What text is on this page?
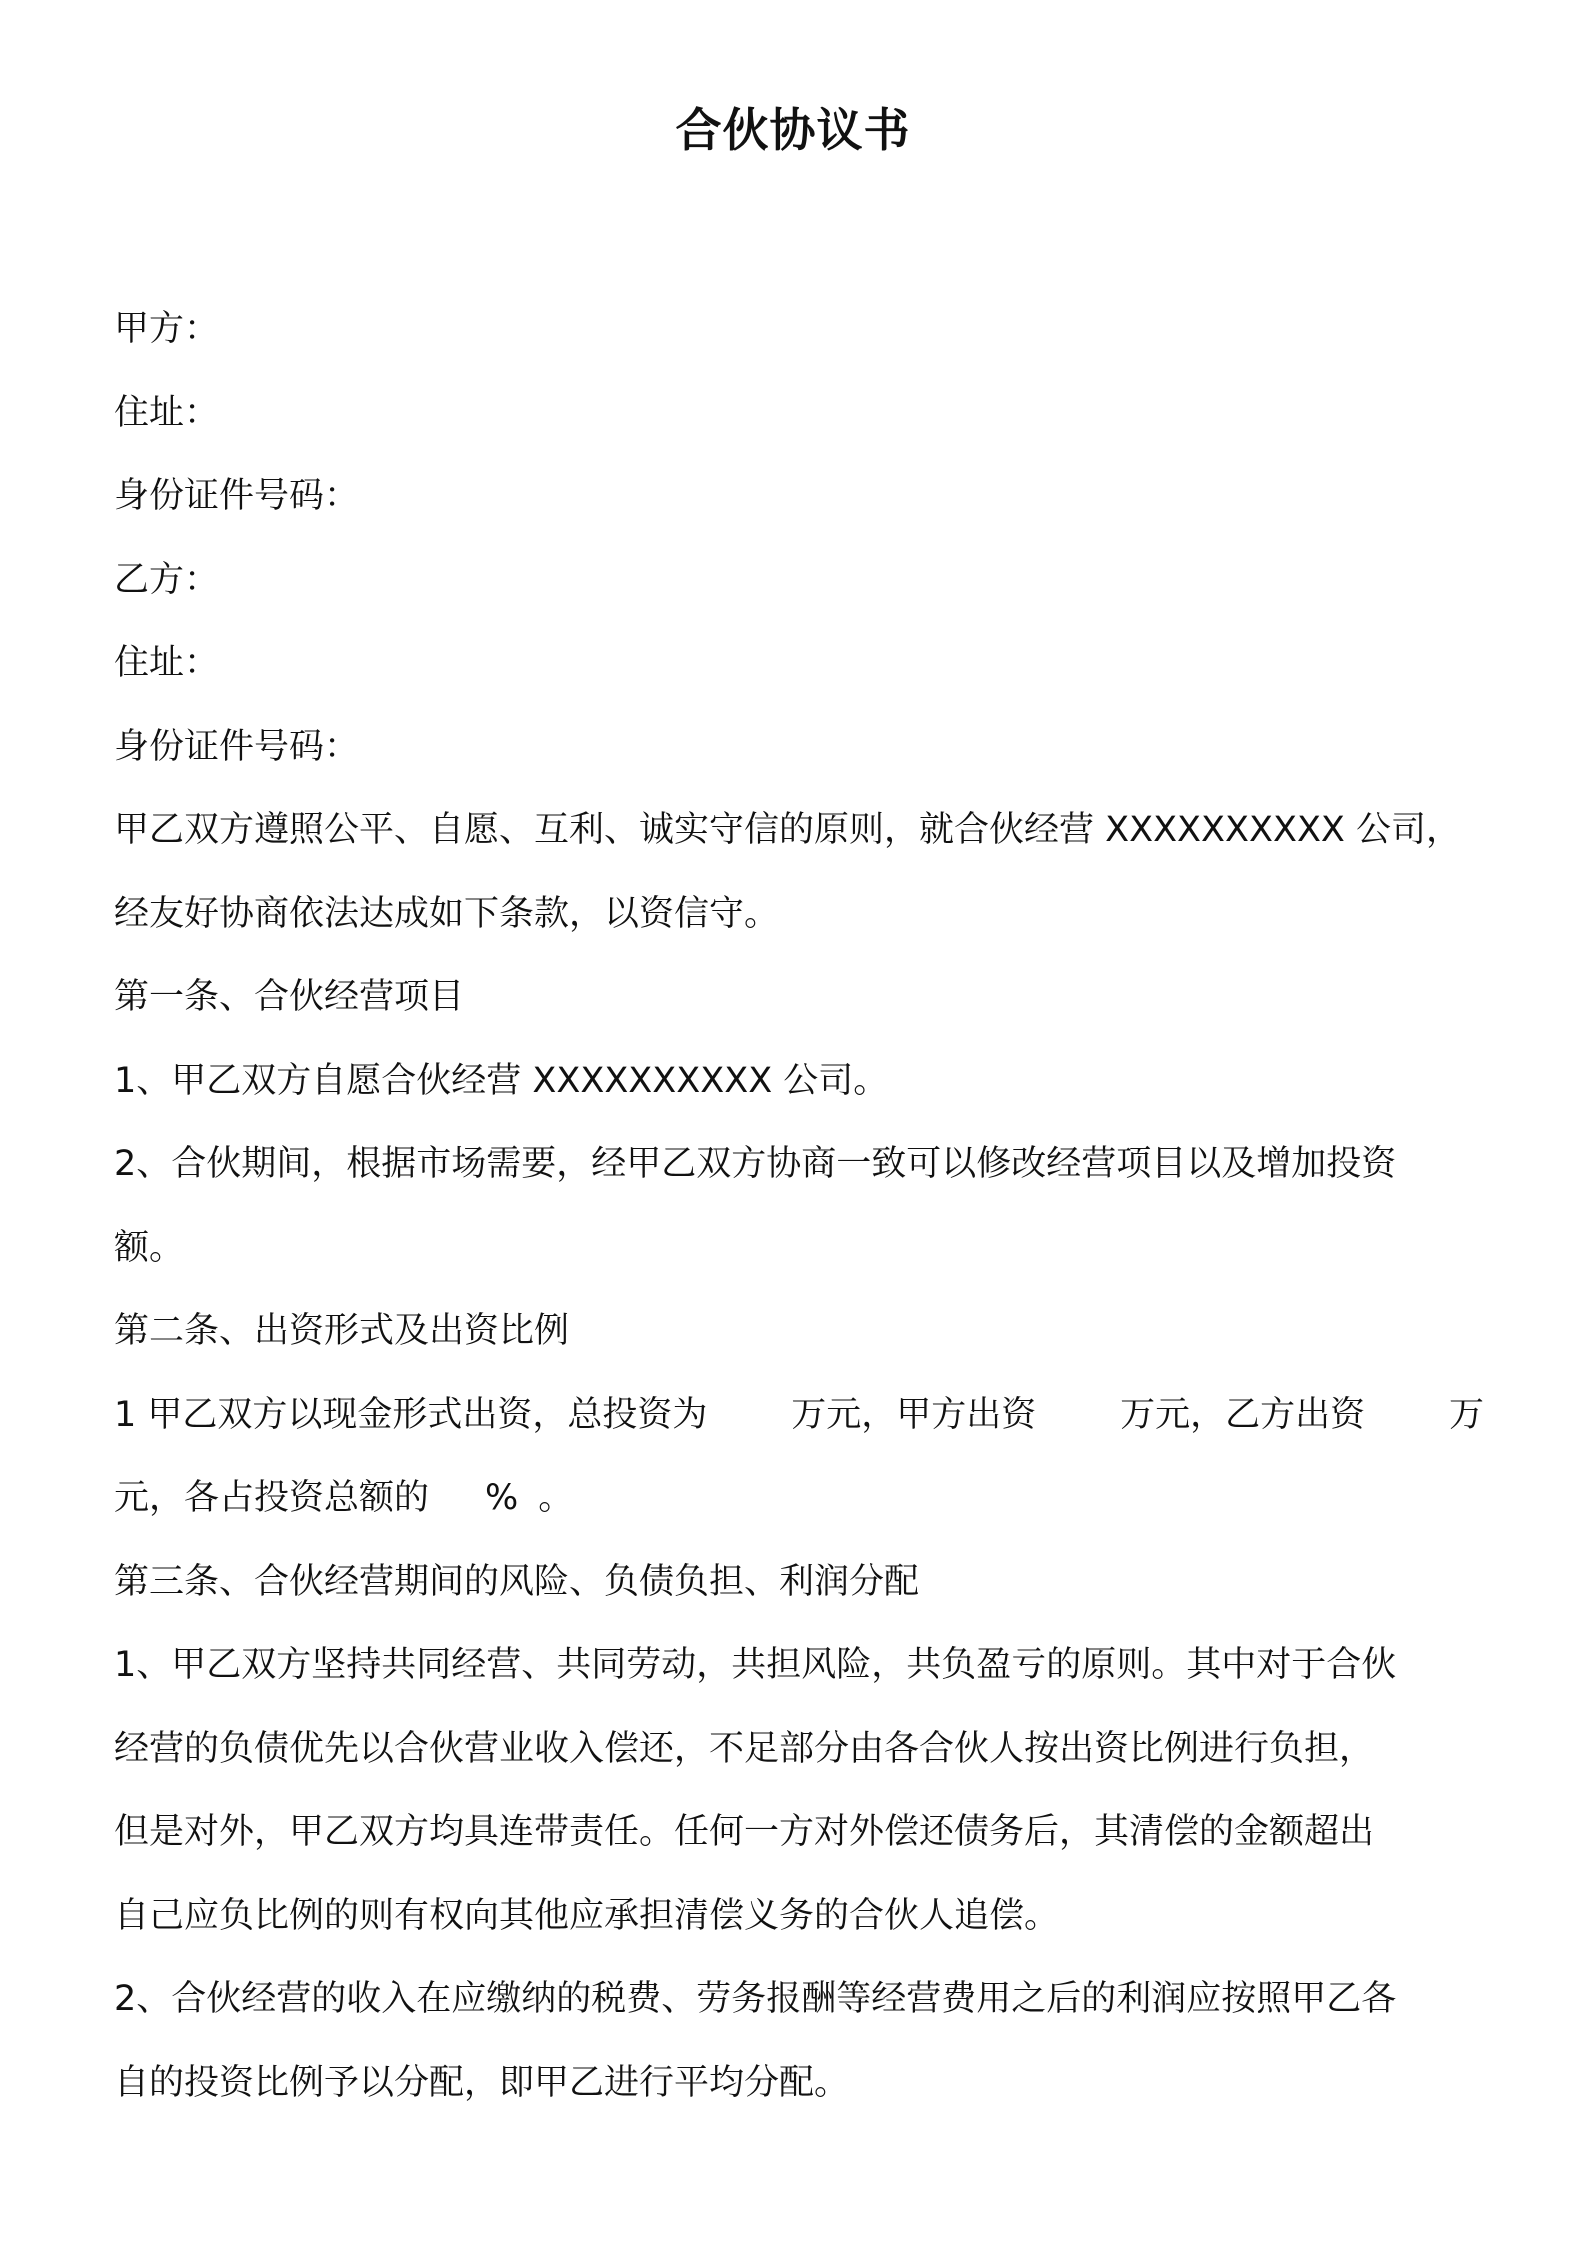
合伙协议书
甲方：
住址：
身份证件号码：
乙方：
住址：
身份证件号码：
甲乙双方遵照公平、自愿、互利、诚实守信的原则，就合伙经营 XXXXXXXXXX 公司，
经友好协商依法达成如下条款，以资信守。
第一条、合伙经营项目
1、甲乙双方自愿合伙经营 XXXXXXXXXX 公司。
2、合伙期间，根据市场需要，经甲乙双方协商一致可以修改经营项目以及增加投资
额。
第二条、出资形式及出资比例
1 甲乙双方以现金形式出资，总投资为 万元，甲方出资 万元，乙方出资 万
元，各占投资总额的 % 。
第三条、合伙经营期间的风险、负债负担、利润分配
1、甲乙双方坚持共同经营、共同劳动，共担风险，共负盈亏的原则。其中对于合伙
经营的负债优先以合伙营业收入偿还，不足部分由各合伙人按出资比例进行负担，
但是对外，甲乙双方均具连带责任。任何一方对外偿还债务后，其清偿的金额超出
自己应负比例的则有权向其他应承担清偿义务的合伙人追偿。
2、合伙经营的收入在应缴纳的税费、劳务报酬等经营费用之后的利润应按照甲乙各
自的投资比例予以分配，即甲乙进行平均分配。
